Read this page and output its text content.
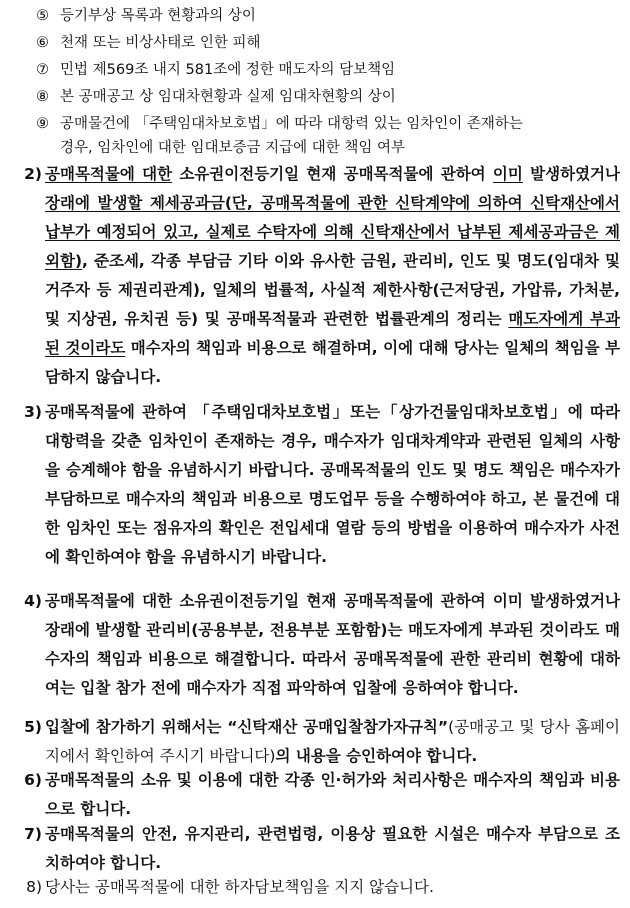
⑤ 등기부상 목록과 현황과의 상이
⑥ 천재 또는 비상사태로 인한 피해
⑦ 민법 제569조 내지 581조에 정한 매도자의 담보책임
⑧ 본 공매공고 상 임대차현황과 실제 임대차현황의 상이
⑨ 공매물건에 「주택임대차보호법」에 따라 대항력 있는 임차인이 존재하는
경우, 임차인에 대한 임대보증금 지급에 대한 책임 여부
2) 공매목적물에 대한 소유권이전등기일 현재 공매목적물에 관하여 이미 발생하였거나 장래에 발생할 제세공과금(단, 공매목적물에 관한 신탁계약에 의하여 신탁재산에서 납부가 예정되어 있고, 실제로 수탁자에 의해 신탁재산에서 납부된 제세공과금은 제외함), 준조세, 각종 부담금 기타 이와 유사한 금원, 관리비, 인도 및 명도(임대차 및 거주자 등 제권리관계), 일체의 법률적, 사실적 제한사항(근저당권, 가압류, 가처분, 및 지상권, 유치권 등) 및 공매목적물과 관련한 법률관계의 정리는 매도자에게 부과된 것이라도 매수자의 책임과 비용으로 해결하며, 이에 대해 당사는 일체의 책임을 부담하지 않습니다.
3) 공매목적물에 관하여 「주택임대차보호법」또는「상가건물임대차보호법」에 따라 대항력을 갖춘 임차인이 존재하는 경우, 매수자가 임대차계약과 관련된 일체의 사항을 승계해야 함을 유념하시기 바랍니다. 공매목적물의 인도 및 명도 책임은 매수자가 부담하므로 매수자의 책임과 비용으로 명도업무 등을 수행하여야 하고, 본 물건에 대한 임차인 또는 점유자의 확인은 전입세대 열람 등의 방법을 이용하여 매수자가 사전에 확인하여야 함을 유념하시기 바랍니다.
4) 공매목적물에 대한 소유권이전등기일 현재 공매목적물에 관하여 이미 발생하였거나 장래에 발생할 관리비(공용부분, 전용부분 포함함)는 매도자에게 부과된 것이라도 매수자의 책임과 비용으로 해결합니다. 따라서 공매목적물에 관한 관리비 현황에 대하여는 입찰 참가 전에 매수자가 직접 파악하여 입찰에 응하여야 합니다.
5) 입찰에 참가하기 위해서는 “신탁재산 공매입찰참가자규칙”(공매공고 및 당사 홈페이지에서 확인하여 주시기 바랍니다)의 내용을 승인하여야 합니다.
6) 공매목적물의 소유 및 이용에 대한 각종 인·허가와 처리사항은 매수자의 책임과 비용으로 합니다.
7) 공매목적물의 안전, 유지관리, 관련법령, 이용상 필요한 시설은 매수자 부담으로 조치하여야 합니다.
8) 당사는 공매목적물에 대한 하자담보책임을 지지 않습니다.
